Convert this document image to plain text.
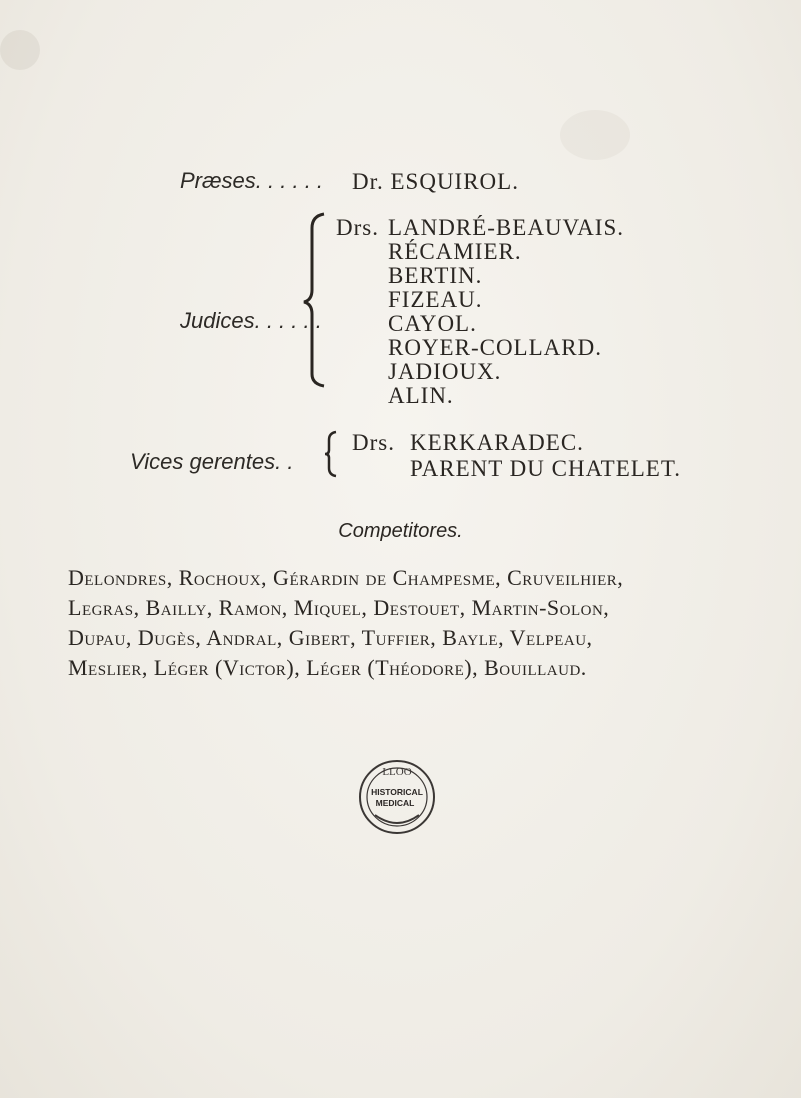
Præses. . . . . . Dr. ESQUIROL.
Judices. . . . . .
Drs. LANDRÉ-BEAUVAIS.
RÉCAMIER.
BERTIN.
FIZEAU.
CAYOL.
ROYER-COLLARD.
JADIOUX.
ALIN.
Vices gerentes. .
Drs. KERKARADEC.
PARENT DU CHATELET.
Competitores.
Delondres, Rochoux, Gérardin de Champesme, Cruveilhier,
Legras, Bailly, Ramon, Miquel, Destouet, Martin-Solon,
Dupau, Dugès, Andral, Gibert, Tuffier, Bayle, Velpeau,
Meslier, Léger (Victor), Léger (Théodore), Bouillaud.
LLOO
HISTORICAL
MEDICAL
